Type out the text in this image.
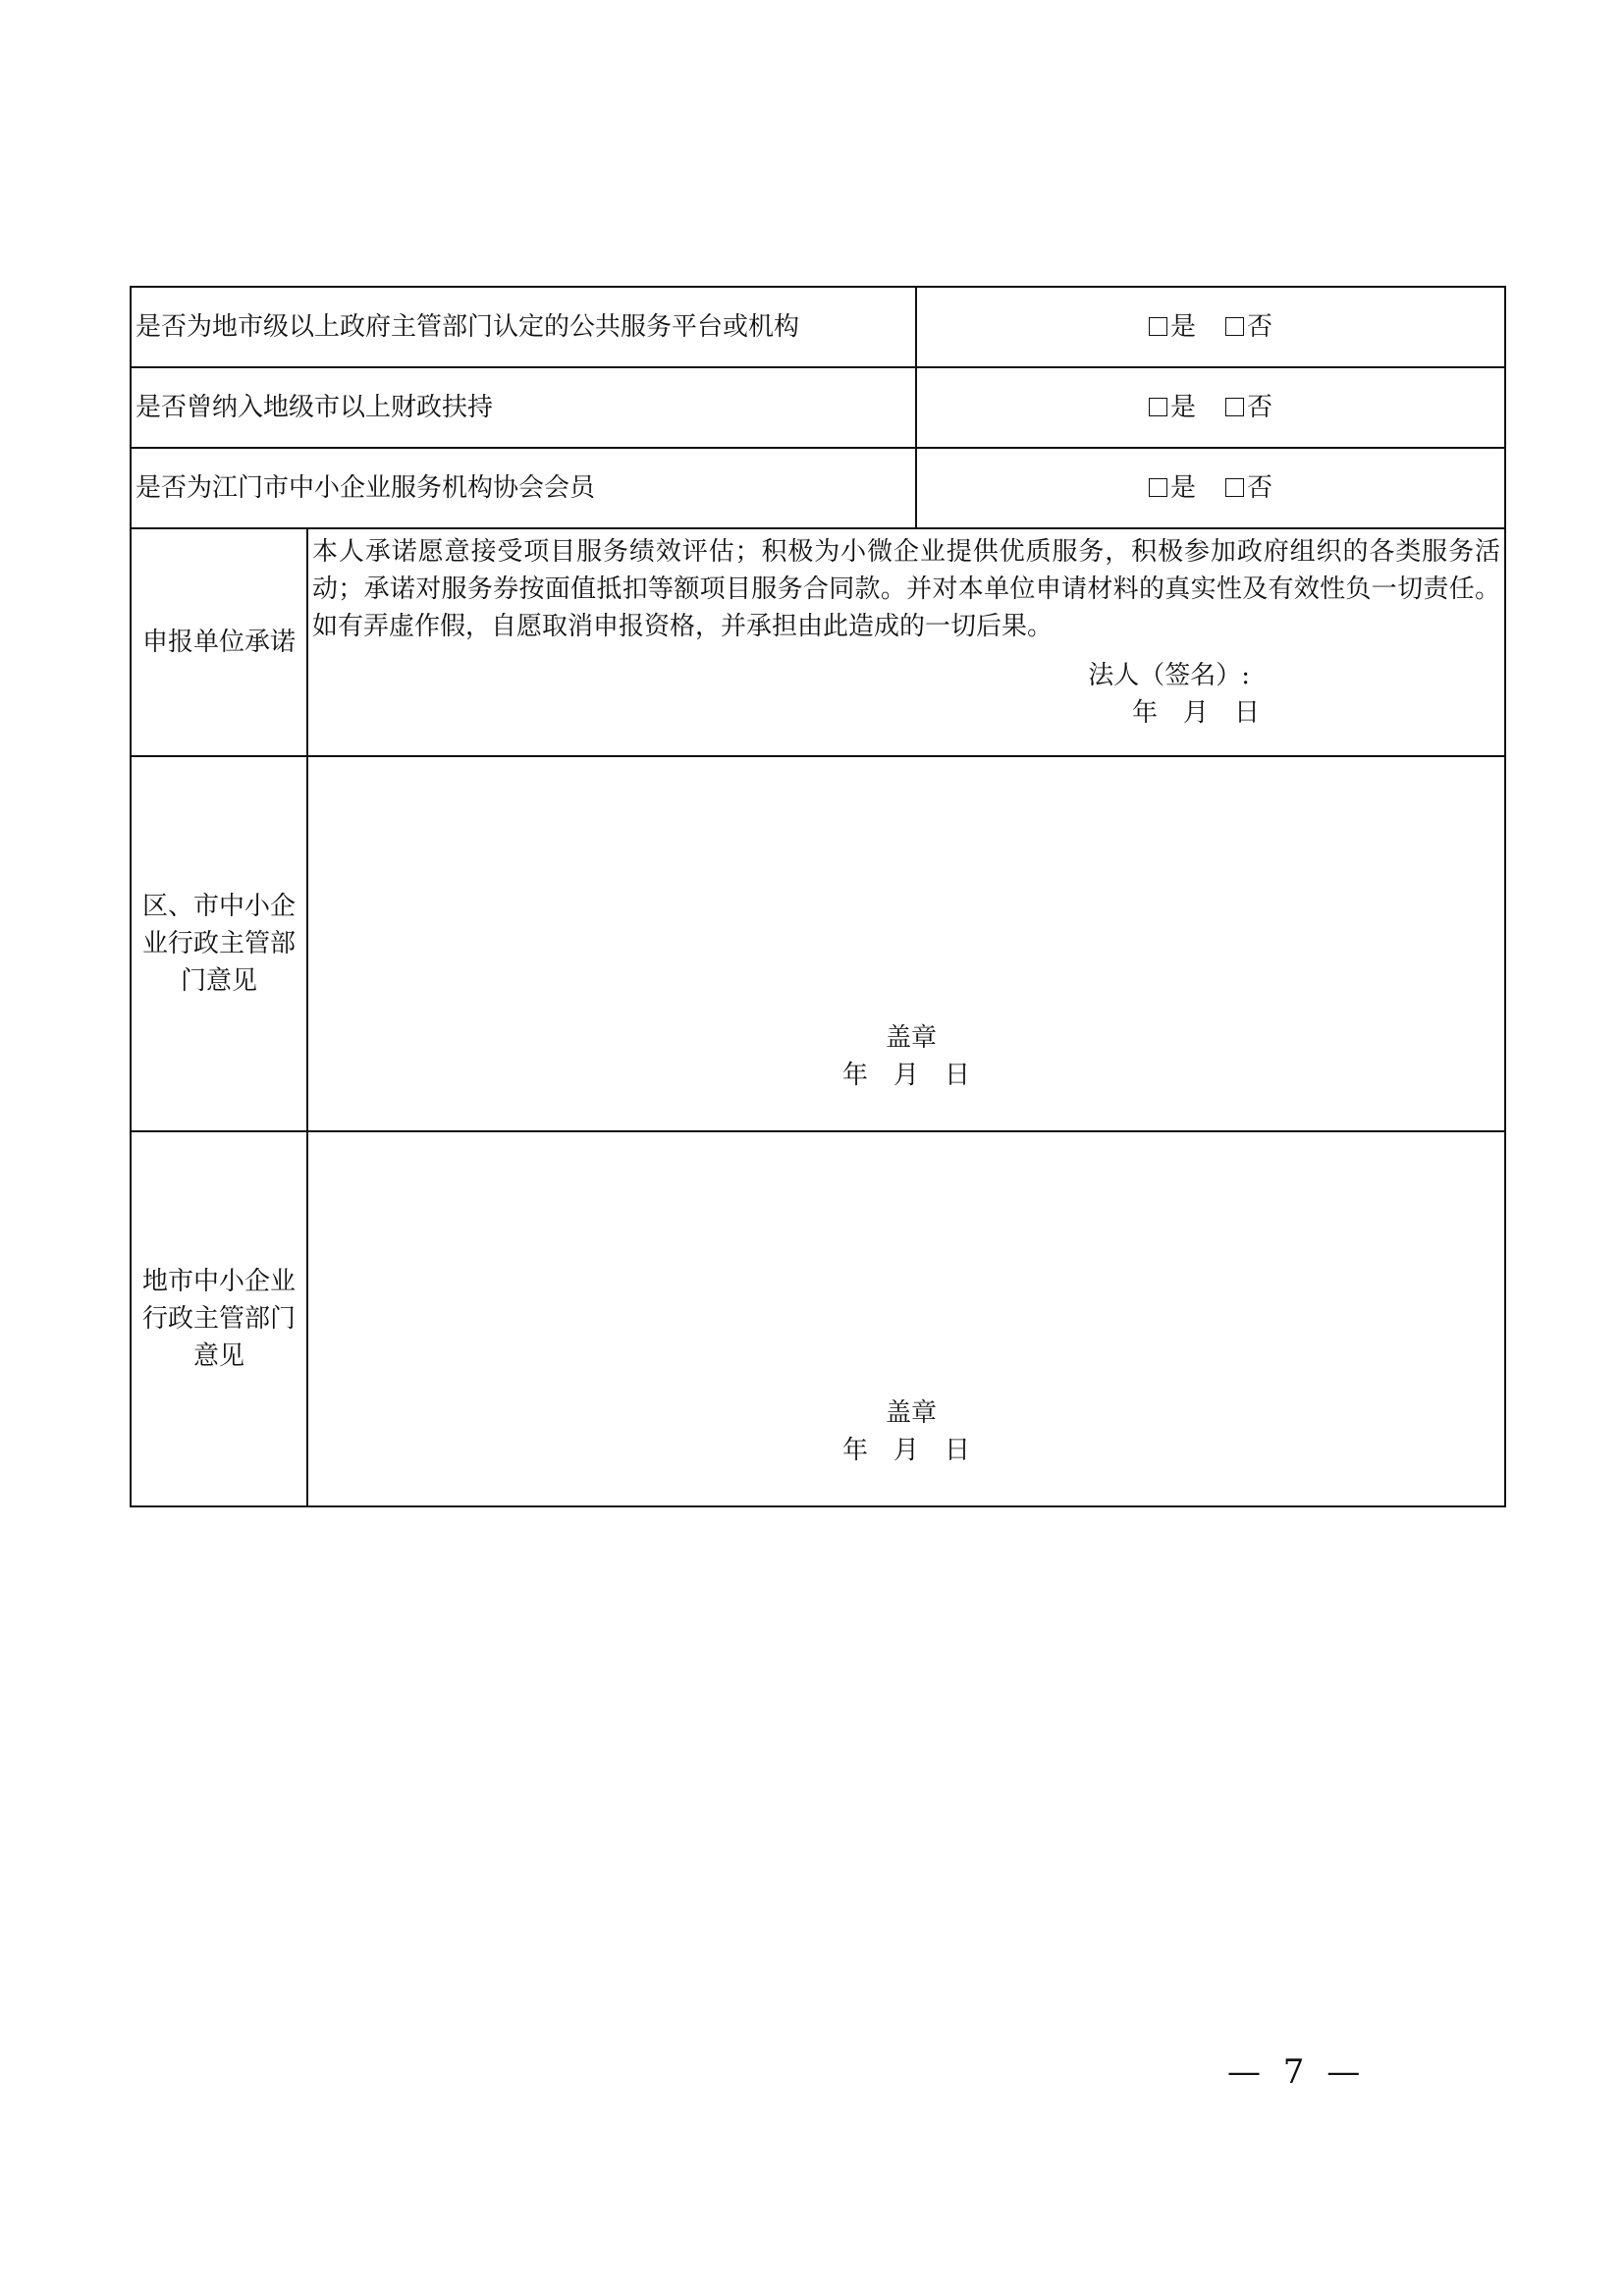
是否为地市级以上政府主管部门认定的公共服务平台或机构		是 否
是否曾纳入地级市以上财政扶持		是 否
是否为江门市中小企业服务机构协会会员		是 否
申报单位承诺	本人承诺愿意接受项目服务绩效评估；积极为小微企业提供优质服务，积极参加政府组织的各类服务活动；承诺对服务券按面值抵扣等额项目服务合同款。并对本单位申请材料的真实性及有效性负一切责任。如有弄虚作假，自愿取消申报资格，并承担由此造成的一切后果。
法人（签名）:
年　月　日	

区、市中小企业行政主管部门意见	盖章
年　月　日	

地市中小企业行政主管部门意见	盖章
年　月　日	
— 7 —
